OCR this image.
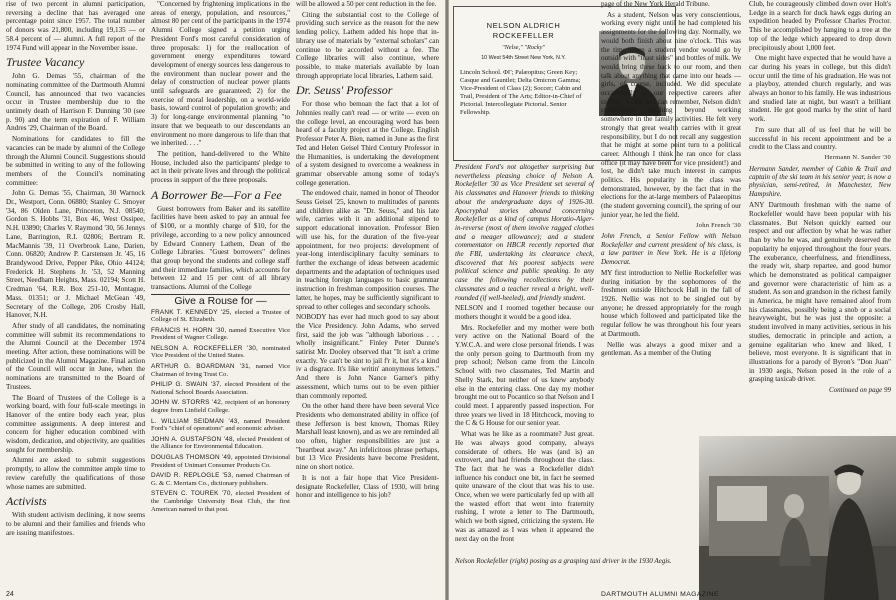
rise of two percent in alumni participation, reversing a decline that has averaged one percentage point since 1957. The total number of donors was 21,800, including 19,135 — or 58.4 percent of — alumni. A full report of the 1974 Fund will appear in the November issue.

Trustee Vacancy

John G. Demas '55, chairman of the nominating committee of the Dartmouth Alumni Council, has announced that two vacancies occur in Trustee membership due to the untimely death of Harrison F. Dunning '30 (see p. 90) and the term expiration of F. William Andres '29, Chairman of the Board.

Nominations for candidates to fill the vacancies can be made by alumni of the College through the Alumni Council. Suggestions should be submitted in writing to any of the following members of the Council's nominating committee:

John G. Demas '55, Chairman, 30 Warnock Dr., Westport, Conn. 06880; Stanley C. Smoyer '34, 86 Olden Lane, Princeton, N.J. 08540; Gordon S. Hobbs '31, Box 46, West Ossipee, N.H. 03890; Charles V. Raymond '30, 56 Jennys Lane, Barrington, R.I. 02806; Bertram R. MacMannis '39, 11 Overbrook Lane, Darien, Conn. 06820; Andrew P. Carstensen Jr. '45, 16 Brandywood Drive, Pepper Pike, Ohio 44124; Frederick H. Stephens Jr. '53, 52 Manning Street, Needham Heights, Mass. 02194; Scott H. Credman '64, R.R. Box 251-10, Montague, Mass. 01351; or J. Michael McGean '49, Secretary of the College, 206 Crosby Hall, Hanover, N.H.

After study of all candidates, the nominating committee will submit its recommendations to the Alumni Council at the December 1974 meeting. After action, these nominations will be publicized in the Alumni Magazine. Final action of the Council will occur in June, when the nominations are transmitted to the Board of Trustees.

The Board of Trustees of the College is a working board, with four full-scale meetings in Hanover of the entire body each year, plus committee assignments. A deep interest and concern for higher education combined with wisdom, dedication, and objectivity, are qualities sought for membership.

Alumni are asked to submit suggestions promptly, to allow the committee ample time to review carefully the qualifications of those whose names are submitted.

Activists

With student activism declining, it now seems to be alumni and their families and friends who are issuing manifestoes.

"Concerned by frightening implications in the areas of energy, population, and resources," almost 80 per cent of the participants in the 1974 Alumni College signed a petition urging President Ford's most careful consideration of three proposals: 1) for the reallocation of government energy expenditures toward development of energy sources less dangerous to the environment than nuclear power and the delay of construction of nuclear power plants until safeguards are guaranteed; 2) for the exercise of moral leadership, on a world-wide basis, toward control of population growth; and 3) for long-range environmental planning "to insure that we bequeath to our descendants an environment no more dangerous to life than that we inherited. . . ."

The petition, hand-delivered to the White House, included also the participants' pledge to act in their private lives and through the political process in support of the three proposals.

A Borrower Be—For a Fee

Guest borrowers from Baker and its satellite facilities have been asked to pay an annual fee of $100, or a monthly charge of $10, for the privilege, according to a new policy announced by Edward Connery Lathem, Dean of the College Libraries. "Guest borrowers" defines that group beyond the students and college staff and their immediate families, which accounts for between 12 and 15 per cent of all library transactions. Alumni of the College

Give a Rouse for —
FRANK T. KENNEDY '25, elected a Trustee of College of St. Elizabeth.
FRANCIS H. HORN '30, named Executive Vice President of Wagner College.
NELSON A. ROCKEFELLER '30, nominated Vice President of the United States.
ARTHUR G. BOARDMAN '31, named Vice Chairman of Irving Trust Co.
PHILIP G. SWAIN '37, elected President of the National School Boards Association.
JOHN W. STORRS '42, recipient of an honorary degree from Linfield College.
L. WILLIAM SEIDMAN '43, named President Ford's "chief of operations" and economic adviser.
JOHN A. GUSTAFSON '48, elected President of the Alliance for Environmental Education.
DOUGLAS THOMSON '49, appointed Divisional President of Unimart Consumer Products Co.
DAVID R. REPLOGLE '53, named Chairman of G. & C. Merriam Co., dictionary publishers.
STEVEN C. TOUREK '70, elected President of the Cambridge University Boat Club, the first American named to that post.

will be allowed a 50 per cent reduction in the fee.

Citing the substantial cost to the College of providing such service as the reason for the new lending policy, Lathem added his hope that in-library use of materials by "external scholars" can continue to be accorded without a fee. The College libraries will also continue, where possible, to make materials available by loan through appropriate local libraries, Lathem said.

Dr. Seuss' Professor

For those who bemoan the fact that a lot of Johnnies really can't read — or write — even on the college level, an encouraging word has been heard of a faculty project at the College. English Professor Peter A. Bien, named in June as the first Ted and Helen Geisel Third Century Professor in the Humanities, is undertaking the development of a system designed to overcome a weakness in grammar observable among some of today's college generation.

The endowed chair, named in honor of Theodor Seuss Geisel '25, known to multitudes of parents and children alike as "Dr. Seuss," and his late wife, carries with it an additional stipend to support educational innovation. Professor Bien will use his, for the duration of the five-year appointment, for two projects: development of year-long interdisciplinary faculty seminars to further the exchange of ideas between academic departments and the adaptation of techniques used in teaching foreign languages to basic grammar instruction in freshman composition courses. The latter, he hopes, may be sufficiently significant to spread to other colleges and secondary schools.

NOBODY has ever had much good to say about the Vice Presidency. John Adams, who served first, said the job was "although laborious . . . wholly insignificant." Finley Peter Dunne's satirist Mr. Dooley observed that "It isn't a crime exactly. Ye can't be sint to jail f'r it, but it's a kind iv a disgrace. It's like writin' anonymous letters." And there is John Nance Garner's pithy assessment, which turns out to be even pithier than commonly reported.

On the other hand there have been several Vice Presidents who demonstrated ability in office (of these Jefferson is best known, Thomas Riley Marshall least known), and as we are reminded all too often, higher responsibilities are just a "heartbeat away." An infelicitous phrase perhaps, but 13 Vice Presidents have become President, nine on short notice.

It is not a fair hope that Vice President-designate Rockefeller, Class of 1930, will bring honor and intelligence to his job?

24
NELSON ALDRICH
ROCKEFELLER
"Nelse," "Rocky"
10 West 54th Street New York, N.Y.
Lincoln School. ΦΓ; Palæopitus; Green Key; Casque and Gauntlet; Delta Omicron Gamma; Vice-President of Class (2); Soccer; Cabin and Trail, President of The Arts; Editor-in-Chief of Pictorial. Intercollegiate Pictorial. Senior Fellowship.

President Ford's not altogether surprising but nevertheless pleasing choice of Nelson A. Rockefeller '30 as Vice President set several of his classmates and Hanover friends to thinking about the undergraduate days of 1926-30. Apocryphal stories abound concerning Rockefeller as a kind of campus Horatio-Alger-in-reverse (most of them involve ragged clothes and a meager allowance); and a student commentator on HBCR recently reported that the FBI, undertaking its clearance check, discovered that his poorest subjects were political science and public speaking. In any case the following recollections by their classmates and a teacher reveal a bright, well-rounded (if well-heeled), and friendly student.

NELSON and I roomed together because our mothers thought it would be a good idea.

Mrs. Rockefeller and my mother were both very active on the National Board of the Y.W.C.A. and were close personal friends. I was the only person going to Dartmouth from my prep school; Nelson came from the Lincoln School with two classmates, Ted Martin and Shelly Stark, but neither of us knew anybody else in the entering class. One day my mother brought me out to Pocantico so that Nelson and I could meet. I apparently passed inspection. For three years we lived in 18 Hitchcock, moving to the C & G House for our senior year.

What was he like as a roommate? Just great. He was always good company, always considerate of others. He was (and is) an extrovert, and had friends throughout the class. The fact that he was a Rockefeller didn't influence his conduct one bit, in fact he seemed quite unaware of the clout that was his to use. Once, when we were particularly fed up with all the wasted effort that went into fraternity rushing, I wrote a letter to The Dartmouth, which we both signed, criticizing the system. He was as amazed as I was when it appeared the next day on the front

page of the New York Herald Tribune.

As a student, Nelson was very conscientious, working every night until he had completed his assignments for the following day. Normally, we would both finish about nine o'clock. This was the time when a student vendor would go by outside with "toast sides" and bottles of milk. We would bring these back to our room, and then talk about anything that came into our heads — girls, of course, included. We did speculate occasionally on our respective careers after college; so far as I can remember, Nelson didn't contemplate anything beyond working somewhere in the family activities. He felt very strongly that great wealth carries with it great responsibility, but I do not recall any suggestion that he might at some point turn to a political career. Although I think he ran once for class office (it may have been for vice president!) and lost, he didn't take much interest in campus politics. His popularity in the class was demonstrated, however, by the fact that in the elections for the at-large members of Palaeopitus (the student governing council), the spring of our junior year, he led the field.

John French '30
John French, a Senior Fellow with Nelson Rockefeller and current president of his class, is a law partner in New York. He is a lifelong Democrat.

MY first introduction to Nellie Rockefeller was during initiation by the sophomores of the freshmen outside Hitchcock Hall in the fall of 1926. Nellie was not to be singled out by anyone; he dressed appropriately for the rough house which followed and participated like the regular fellow he was throughout his four years at Dartmouth.

Nellie was always a good mixer and a gentleman. As a member of the Outing

Club, he courageously climbed down over Holt's Ledge in a search for duck hawk eggs during an expedition headed by Professor Charles Proctor. This he accomplished by hanging to a tree at the top of the ledge which appeared to drop down precipitously about 1,000 feet.

One might have expected that he would have a car during his years in college, but this didn't occur until the time of his graduation. He was not a playboy, attended church regularly, and was always an honor to his family. He was industrious and studied late at night, but wasn't a brilliant student. He got good marks by the stint of hard work.

I'm sure that all of us feel that he will be successful in his recent appointment and be a credit to the Class and country.

Hermann N. Sander '30
Hermann Sander, member of Cabin & Trail and captain of the ski team in his senior year, is now a physician, semi-retired, in Manchester, New Hampshire.

ANY Dartmouth freshman with the name of Rockefeller would have been popular with his classmates. But Nelson quickly earned our respect and our affection by what he was rather than by who he was, and genuinely deserved the popularity he enjoyed throughout the four years. The exuberance, cheerfulness, and friendliness, the ready wit, sharp repartee, and good humor which he demonstrated as political campaigner and governor were characteristic of him as a student. As son and grandson in the richest family in America, he might have remained aloof from his classmates, possibly being a snob or a social heavyweight, but he was just the opposite: a student involved in many activities, serious in his studies, democratic in principle and action, a genuine egalitarian who knew and liked, I believe, most everyone. It is significant that in illustrations for a parody of Byron's "Don Juan" in 1930 aegis, Nelson posed in the role of a grasping taxicab driver.

Continued on page 99
Nelson Rockefeller (right) posing as a grasping taxi driver in the 1930 Aegis.
DARTMOUTH ALUMNI MAGAZINE
